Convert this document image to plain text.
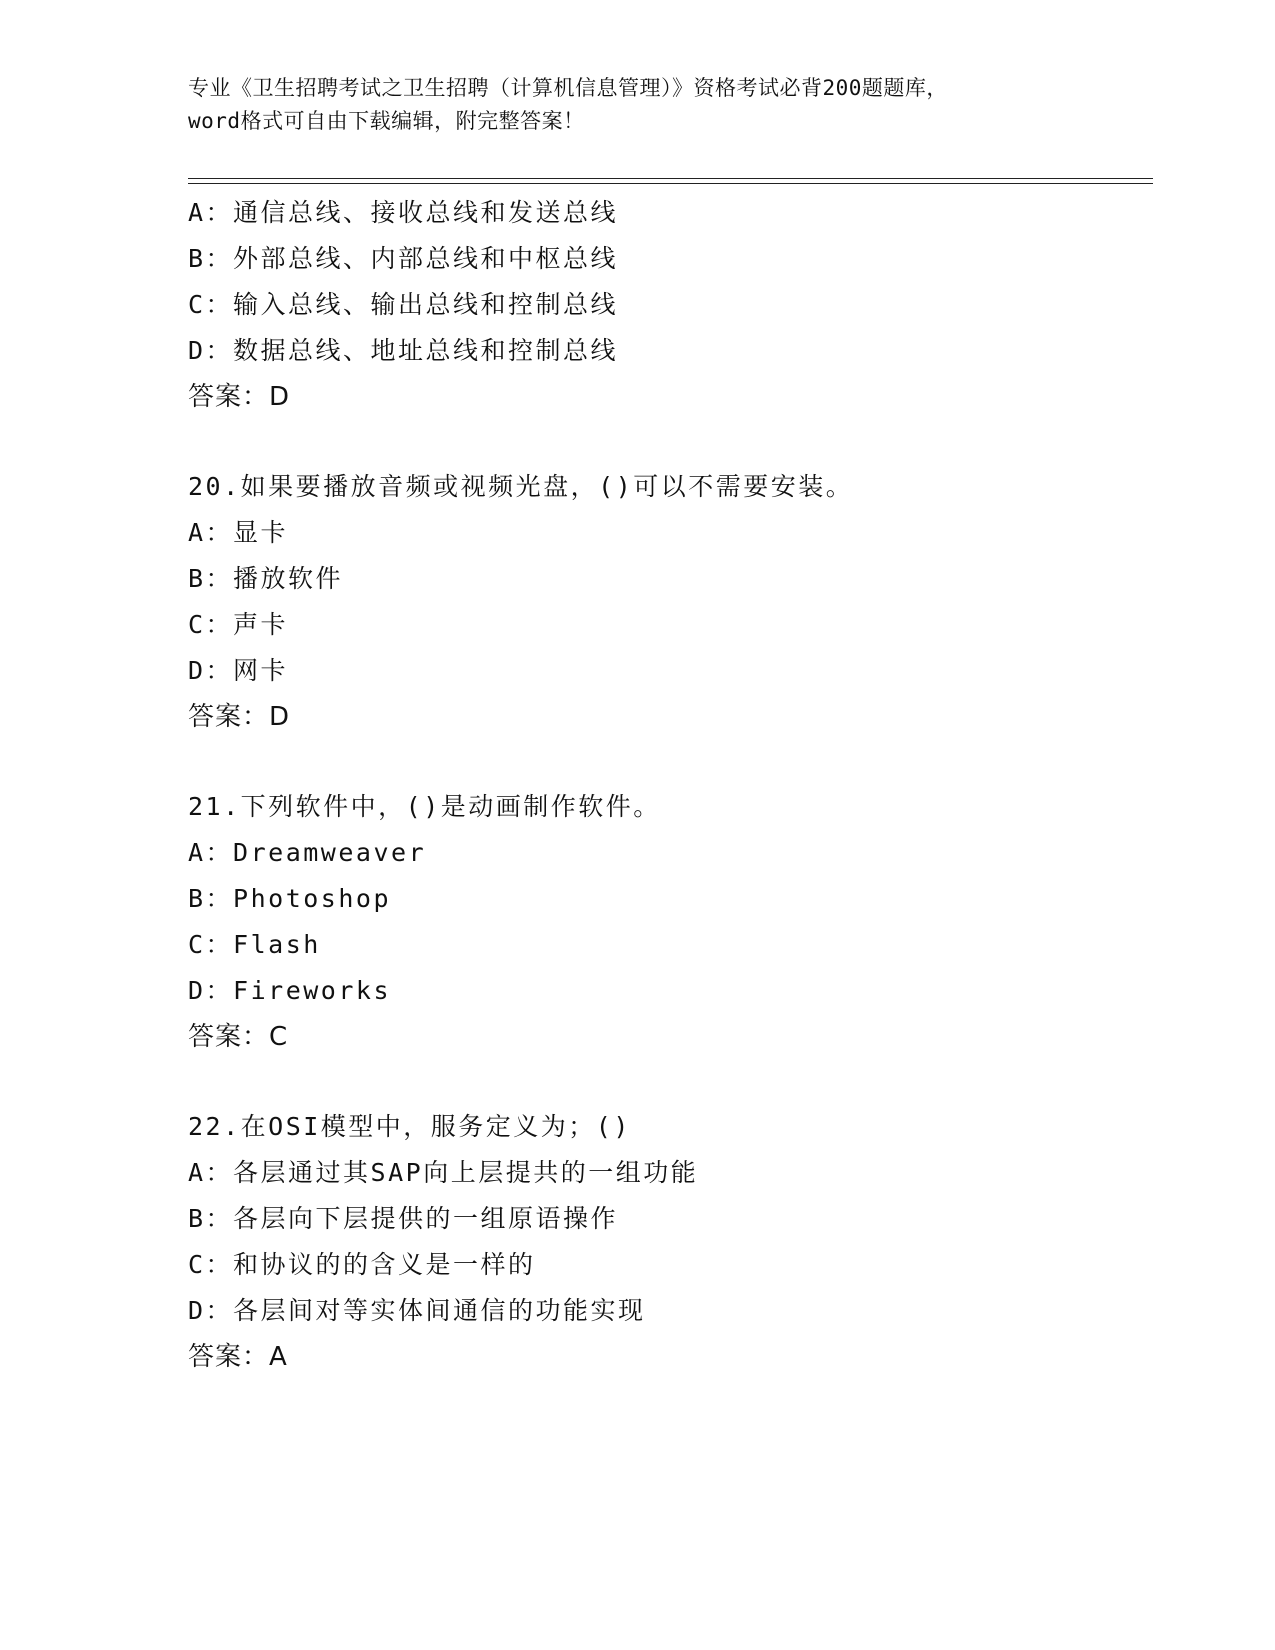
专业《卫生招聘考试之卫生招聘（计算机信息管理）》资格考试必背200题题库，
word格式可自由下载编辑，附完整答案！
A：通信总线、接收总线和发送总线
B：外部总线、内部总线和中枢总线
C：输入总线、输出总线和控制总线
D：数据总线、地址总线和控制总线
答案：D
20.如果要播放音频或视频光盘，()可以不需要安装。
A：显卡
B：播放软件
C：声卡
D：网卡
答案：D
21.下列软件中，()是动画制作软件。
A：Dreamweaver
B：Photoshop
C：Flash
D：Fireworks
答案：C
22.在OSI模型中，服务定义为；()
A：各层通过其SAP向上层提共的一组功能
B：各层向下层提供的一组原语操作
C：和协议的的含义是一样的
D：各层间对等实体间通信的功能实现
答案：A
